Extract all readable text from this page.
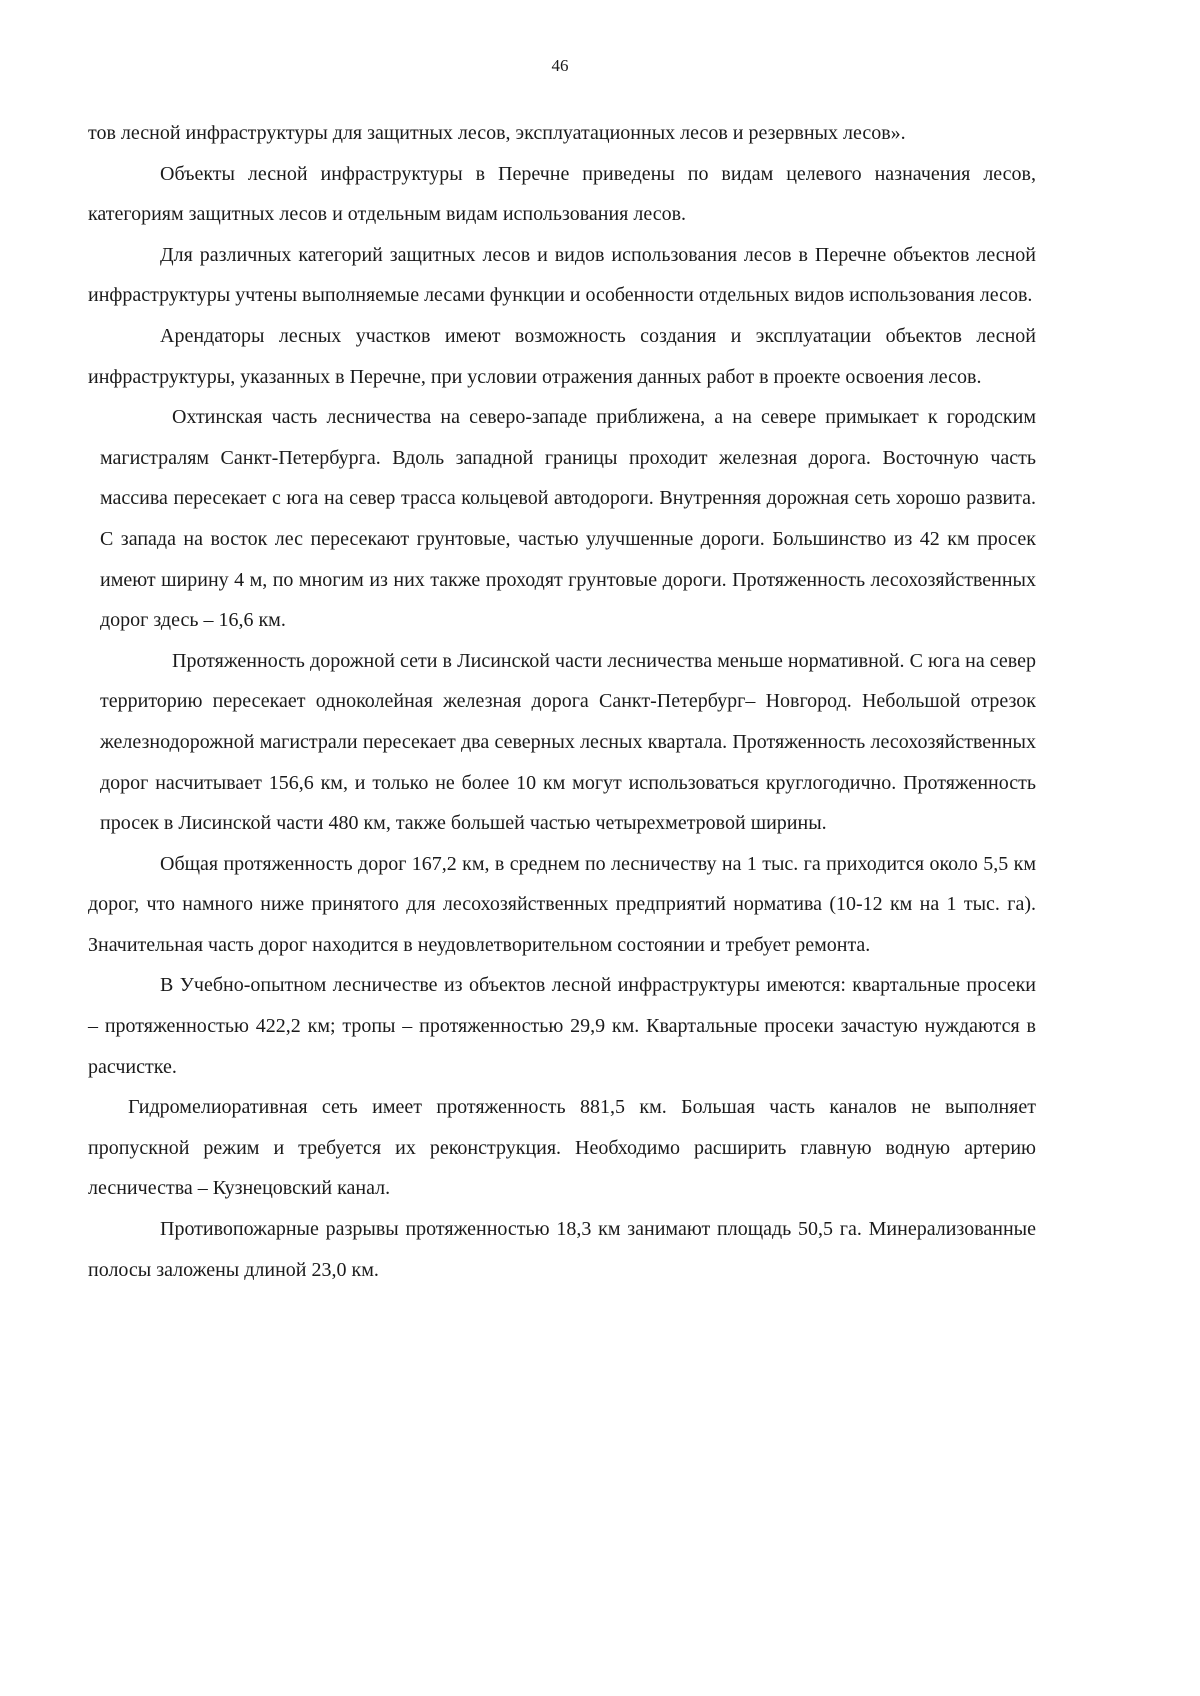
46

тов лесной инфраструктуры для защитных лесов, эксплуатационных лесов и резервных лесов».

Объекты лесной инфраструктуры в Перечне приведены по видам целевого назначения лесов, категориям защитных лесов и отдельным видам использования лесов.

Для различных категорий защитных лесов и видов использования лесов в Перечне объектов лесной инфраструктуры учтены выполняемые лесами функции и особенности отдельных видов использования лесов.

Арендаторы лесных участков имеют возможность создания и эксплуатации объектов лесной инфраструктуры, указанных в Перечне, при условии отражения данных работ в проекте освоения лесов.

Охтинская часть лесничества на северо-западе приближена, а на севере примыкает к городским магистралям Санкт-Петербурга. Вдоль западной границы проходит железная дорога. Восточную часть массива пересекает с юга на север трасса кольцевой автодороги. Внутренняя дорожная сеть хорошо развита. С запада на восток лес пересекают грунтовые, частью улучшенные дороги. Большинство из 42 км просек имеют ширину 4 м, по многим из них также проходят грунтовые дороги. Протяженность лесохозяйственных дорог здесь – 16,6 км.

Протяженность дорожной сети в Лисинской части лесничества меньше нормативной. С юга на север территорию пересекает одноколейная железная дорога Санкт-Петербург– Новгород. Небольшой отрезок железнодорожной магистрали пересекает два северных лесных квартала. Протяженность лесохозяйственных дорог насчитывает 156,6 км, и только не более 10 км могут использоваться круглогодично. Протяженность просек в Лисинской части 480 км, также большей частью четырехметровой ширины.

Общая протяженность дорог 167,2 км, в среднем по лесничеству на 1 тыс. га приходится около 5,5 км дорог, что намного ниже принятого для лесохозяйственных предприятий норматива (10-12 км на 1 тыс. га). Значительная часть дорог находится в неудовлетворительном состоянии и требует ремонта.

В Учебно-опытном лесничестве из объектов лесной инфраструктуры имеются: квартальные просеки – протяженностью 422,2 км; тропы – протяженностью 29,9 км. Квартальные просеки зачастую нуждаются в расчистке.

Гидромелиоративная сеть имеет протяженность 881,5 км. Большая часть каналов не выполняет пропускной режим и требуется их реконструкция. Необходимо расширить главную водную артерию лесничества – Кузнецовский канал.

Противопожарные разрывы протяженностью 18,3 км занимают площадь 50,5 га. Минерализованные полосы заложены длиной 23,0 км.
